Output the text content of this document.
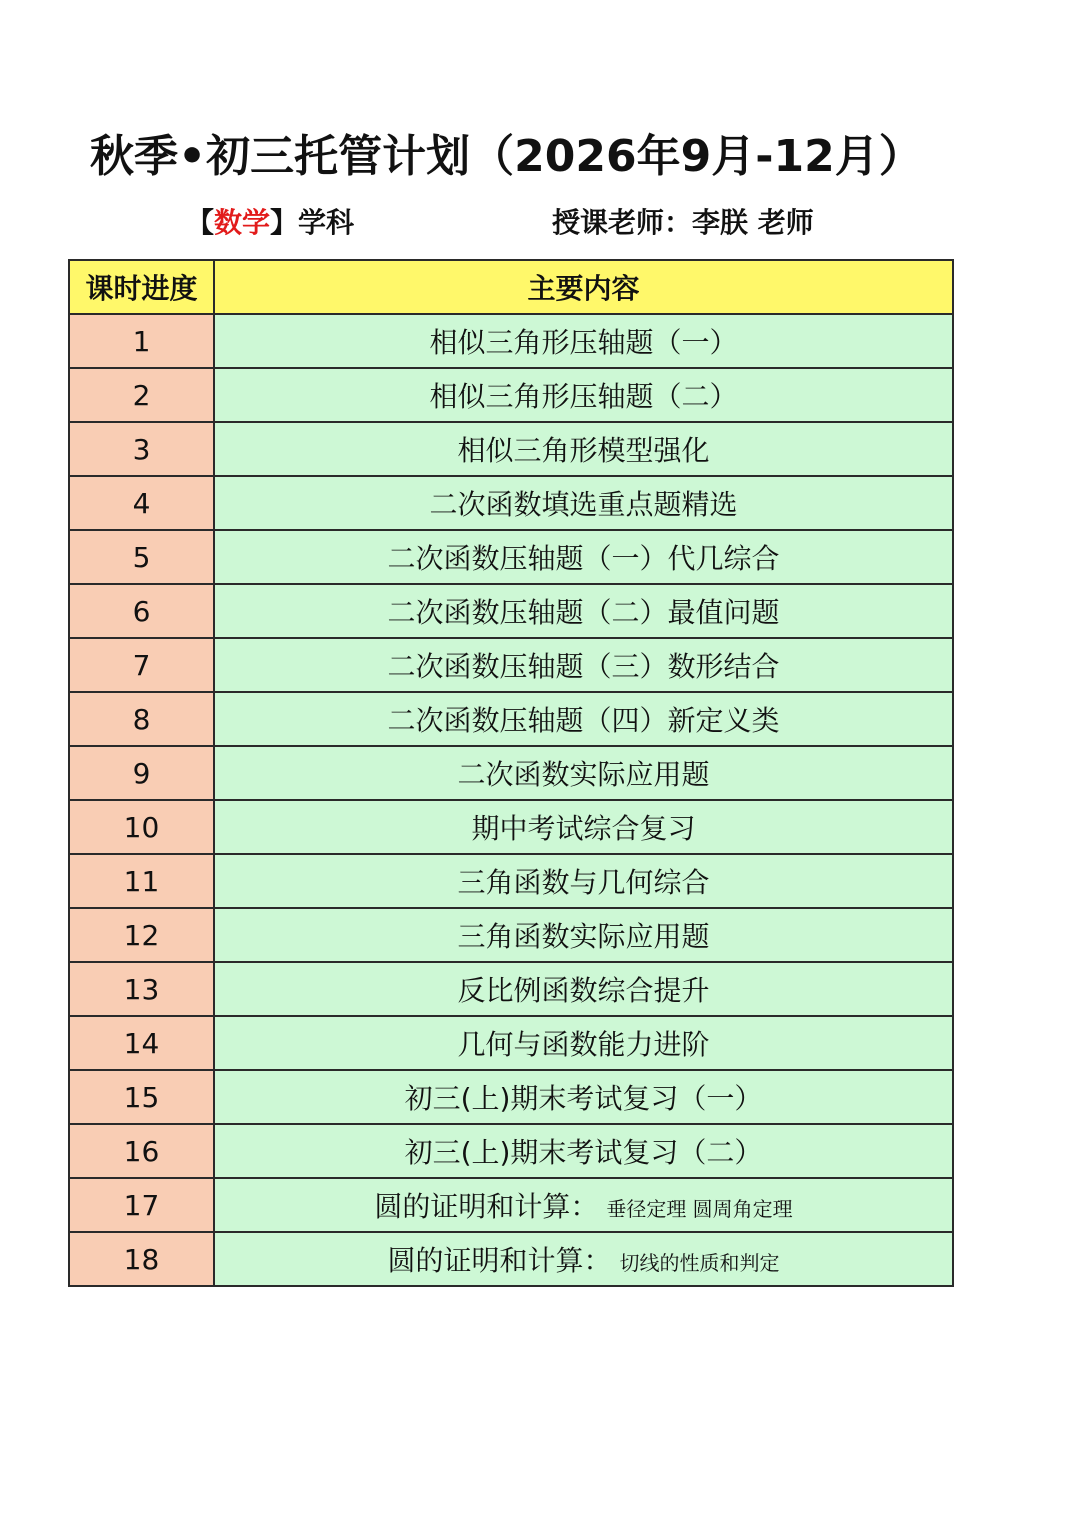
秋季•初三托管计划（2026年9月-12月）
【数学】学科	授课老师：李朕 老师
课时进度	主要内容
1	相似三角形压轴题（一）
2	相似三角形压轴题（二）
3	相似三角形模型强化
4	二次函数填选重点题精选
5	二次函数压轴题（一）代几综合
6	二次函数压轴题（二）最值问题
7	二次函数压轴题（三）数形结合
8	二次函数压轴题（四）新定义类
9	二次函数实际应用题
10	期中考试综合复习
11	三角函数与几何综合
12	三角函数实际应用题
13	反比例函数综合提升
14	几何与函数能力进阶
15	初三(上)期末考试复习（一）
16	初三(上)期末考试复习（二）
17	圆的证明和计算： 垂径定理 圆周角定理
18	圆的证明和计算： 切线的性质和判定
